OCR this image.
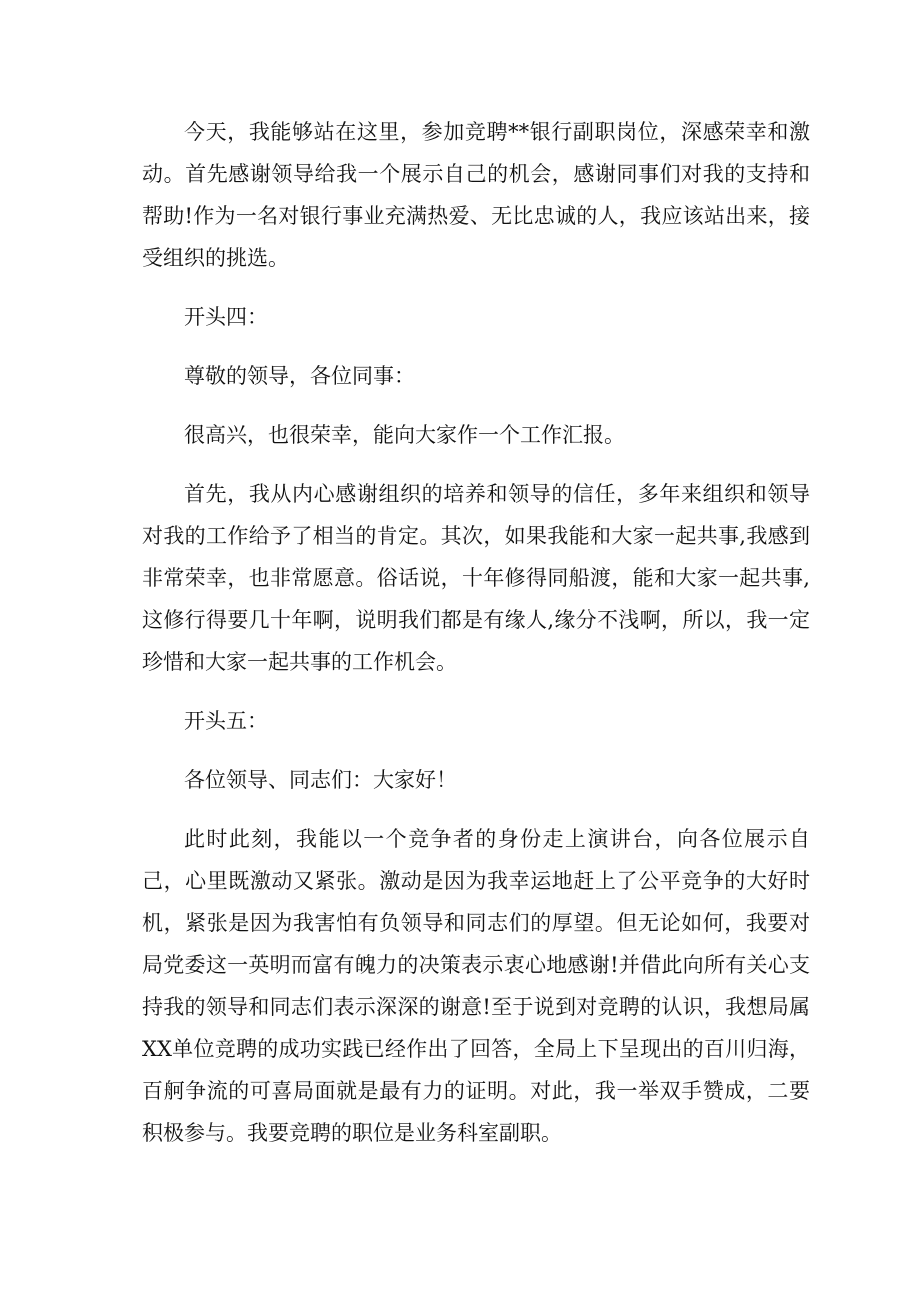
今天，我能够站在这里，参加竞聘**银行副职岗位，深感荣幸和激动。首先感谢领导给我一个展示自己的机会，感谢同事们对我的支持和帮助!作为一名对银行事业充满热爱、无比忠诚的人，我应该站出来，接受组织的挑选。

开头四：

尊敬的领导，各位同事：

很高兴，也很荣幸，能向大家作一个工作汇报。

首先，我从内心感谢组织的培养和领导的信任，多年来组织和领导对我的工作给予了相当的肯定。其次，如果我能和大家一起共事,我感到非常荣幸，也非常愿意。俗话说，十年修得同船渡，能和大家一起共事,这修行得要几十年啊，说明我们都是有缘人,缘分不浅啊，所以，我一定珍惜和大家一起共事的工作机会。

开头五：

各位领导、同志们：大家好！

此时此刻，我能以一个竞争者的身份走上演讲台，向各位展示自己，心里既激动又紧张。激动是因为我幸运地赶上了公平竞争的大好时机，紧张是因为我害怕有负领导和同志们的厚望。但无论如何，我要对局党委这一英明而富有魄力的决策表示衷心地感谢!并借此向所有关心支持我的领导和同志们表示深深的谢意!至于说到对竞聘的认识，我想局属XX单位竞聘的成功实践已经作出了回答，全局上下呈现出的百川归海，百舸争流的可喜局面就是最有力的证明。对此，我一举双手赞成，二要积极参与。我要竞聘的职位是业务科室副职。
